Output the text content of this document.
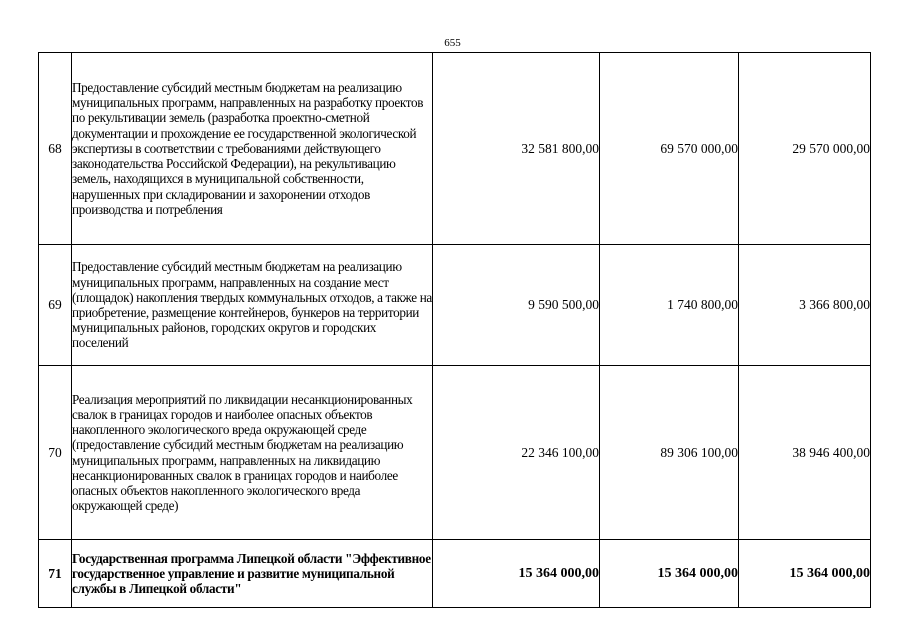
655
68	Предоставление субсидий местным бюджетам на реализацию муниципальных программ, направленных на разработку проектов по рекультивации земель (разработка проектно-сметной документации и прохождение ее государственной экологической экспертизы в соответствии с требованиями действующего законодательства Российской Федерации), на рекультивацию земель, находящихся в муниципальной собственности, нарушенных при складировании и захоронении отходов производства и потребления	32 581 800,00	69 570 000,00	29 570 000,00
69	Предоставление субсидий местным бюджетам на реализацию муниципальных программ, направленных на создание мест (площадок) накопления твердых коммунальных отходов, а также на приобретение, размещение контейнеров, бункеров на территории муниципальных районов, городских округов и городских поселений	9 590 500,00	1 740 800,00	3 366 800,00
70	Реализация мероприятий по ликвидации несанкционированных свалок в границах городов и наиболее опасных объектов накопленного экологического вреда окружающей среде (предоставление субсидий местным бюджетам на реализацию муниципальных программ, направленных на ликвидацию несанкционированных свалок в границах городов и наиболее опасных объектов накопленного экологического вреда окружающей среде)	22 346 100,00	89 306 100,00	38 946 400,00
71	Государственная программа Липецкой области "Эффективное государственное управление и развитие муниципальной службы в Липецкой области"	15 364 000,00	15 364 000,00	15 364 000,00
